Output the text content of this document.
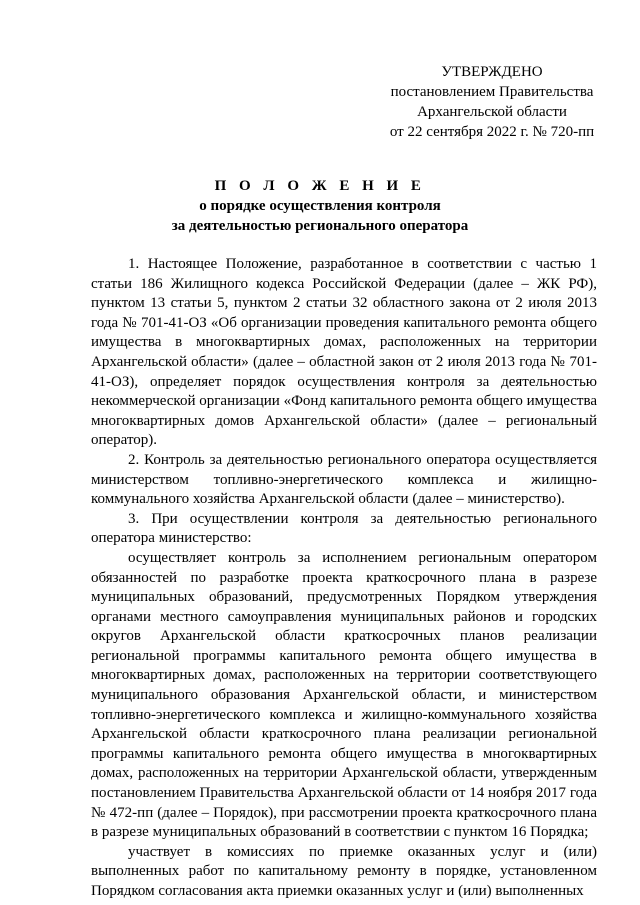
УТВЕРЖДЕНО
постановлением Правительства
Архангельской области
от 22 сентября 2022 г. № 720-пп
П О Л О Ж Е Н И Е
о порядке осуществления контроля
за деятельностью регионального оператора

1. Настоящее Положение, разработанное в соответствии с частью 1 статьи 186 Жилищного кодекса Российской Федерации (далее – ЖК РФ), пунктом 13 статьи 5, пунктом 2 статьи 32 областного закона от 2 июля 2013 года № 701-41-ОЗ «Об организации проведения капитального ремонта общего имущества в многоквартирных домах, расположенных на территории Архангельской области» (далее – областной закон от 2 июля 2013 года № 701-41-ОЗ), определяет порядок осуществления контроля за деятельностью некоммерческой организации «Фонд капитального ремонта общего имущества многоквартирных домов Архангельской области» (далее – региональный оператор).

2. Контроль за деятельностью регионального оператора осуществляется министерством топливно-энергетического комплекса и жилищно-коммунального хозяйства Архангельской области (далее – министерство).

3. При осуществлении контроля за деятельностью регионального оператора министерство:

осуществляет контроль за исполнением региональным оператором обязанностей по разработке проекта краткосрочного плана в разрезе муниципальных образований, предусмотренных Порядком утверждения органами местного самоуправления муниципальных районов и городских округов Архангельской области краткосрочных планов реализации региональной программы капитального ремонта общего имущества в многоквартирных домах, расположенных на территории соответствующего муниципального образования Архангельской области, и министерством топливно-энергетического комплекса и жилищно-коммунального хозяйства Архангельской области краткосрочного плана реализации региональной программы капитального ремонта общего имущества в многоквартирных домах, расположенных на территории Архангельской области, утвержденным постановлением Правительства Архангельской области от 14 ноября 2017 года № 472-пп (далее – Порядок), при рассмотрении проекта краткосрочного плана в разрезе муниципальных образований в соответствии с пунктом 16 Порядка;

участвует в комиссиях по приемке оказанных услуг и (или) выполненных работ по капитальному ремонту в порядке, установленном Порядком согласования акта приемки оказанных услуг и (или) выполненных
